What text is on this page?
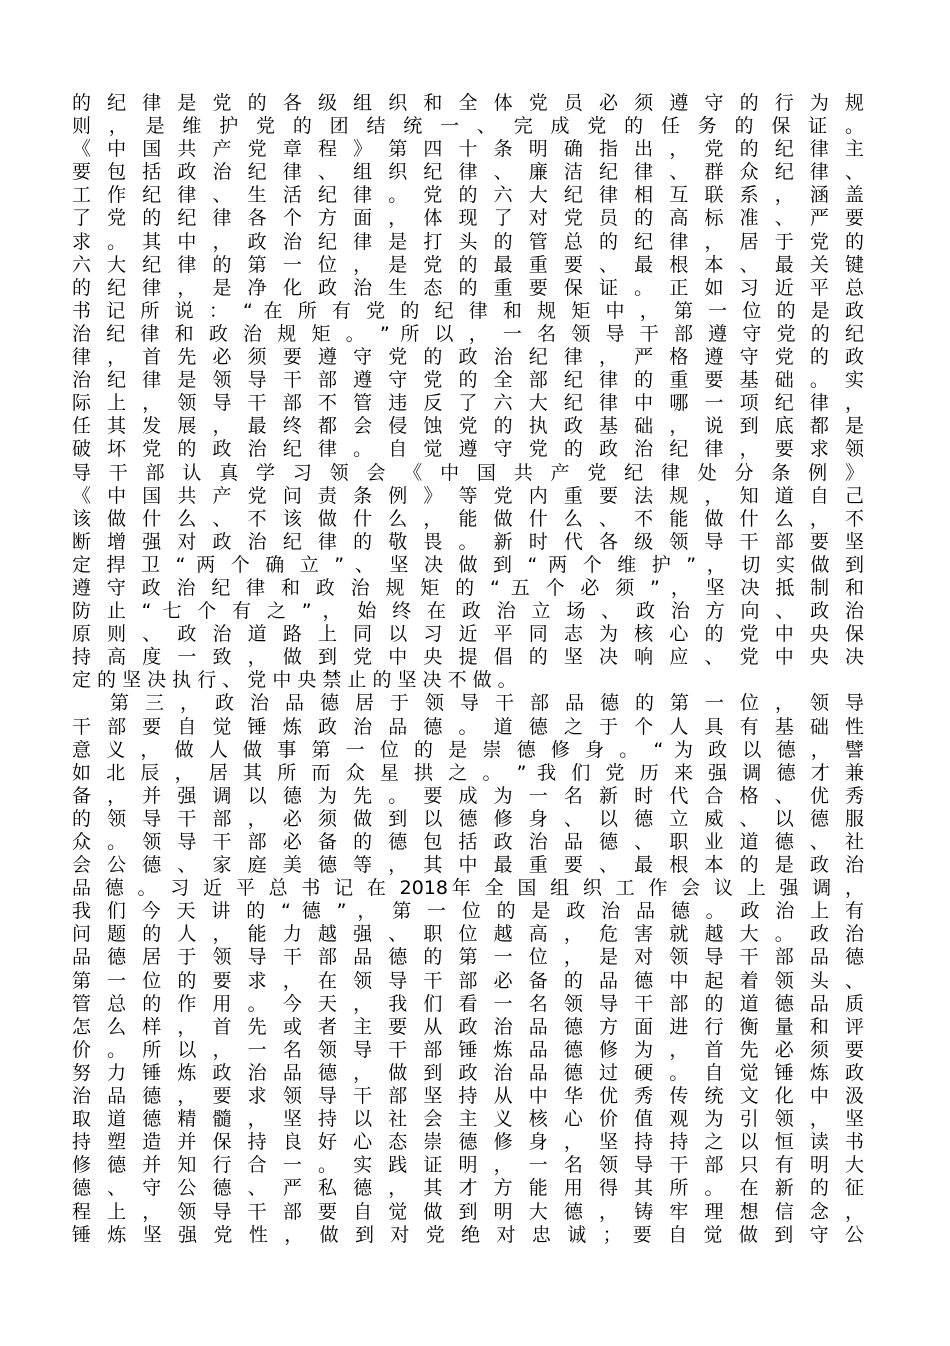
的 纪 律 是 党 的 各 级 组 织 和 全 体 党 员 必 须 遵 守 的 行 为 规
则 ， 是 维 护 党 的 团 结 统 一 、 完 成 党 的 任 务 的 保 证 。
《 中 国 共 产 党 章 程 》 第 四 十 条 明 确 指 出 ， 党 的 纪 律 主
要 包 括 政 治 纪 律 、 组 织 纪 律 、 廉 洁 纪 律 、 群 众 纪 律 、
工 作 纪 律 、 生 活 纪 律 。 党 的 六 大 纪 律 相 互 联 系 ， 涵 盖
了 党 的 纪 律 各 个 方 面 ， 体 现 了 对 党 员 的 高 标 准 、 严 要
求 。 其 中 ， 政 治 纪 律 是 打 头 的 管 总 的 纪 律 ， 居 于 党 的
六 大 纪 律 的 第 一 位 ， 是 党 的 最 重 要 、 最 根 本 、 最 关 键
的 纪 律 ， 是 净 化 政 治 生 态 的 重 要 保 证 。 正 如 习 近 平 总
书 记 所 说 ： “ 在 所 有 党 的 纪 律 和 规 矩 中 ， 第 一 位 的 是 政
治 纪 律 和 政 治 规 矩 。 ” 所 以 ， 一 名 领 导 干 部 遵 守 党 的 纪
律 ， 首 先 必 须 要 遵 守 党 的 政 治 纪 律 ， 严 格 遵 守 党 的 政
治 纪 律 是 领 导 干 部 遵 守 党 的 全 部 纪 律 的 重 要 基 础 。 实
际 上 ， 领 导 干 部 不 管 违 反 了 六 大 纪 律 中 哪 一 项 纪 律 ，
任 其 发 展 ， 最 终 都 会 侵 蚀 党 的 执 政 基 础 ， 说 到 底 都 是
破 坏 党 的 政 治 纪 律 。 自 觉 遵 守 党 的 政 治 纪 律 ， 要 求 领
导 干 部 认 真 学 习 领 会 《 中 国 共 产 党 纪 律 处 分 条 例 》
《 中 国 共 产 党 问 责 条 例 》 等 党 内 重 要 法 规 ， 知 道 自 己
该 做 什 么 、 不 该 做 什 么 ， 能 做 什 么 、 不 能 做 什 么 ， 不
断 增 强 对 政 治 纪 律 的 敬 畏 。 新 时 代 各 级 领 导 干 部 要 坚
定 捍 卫 “ 两 个 确 立 ” 、 坚 决 做 到 “ 两 个 维 护 ” ， 切 实 做 到
遵 守 政 治 纪 律 和 政 治 规 矩 的 “ 五 个 必 须 ” ， 坚 决 抵 制 和
防 止 “ 七 个 有 之 ” ， 始 终 在 政 治 立 场 、 政 治 方 向 、 政 治
原 则 、 政 治 道 路 上 同 以 习 近 平 同 志 为 核 心 的 党 中 央 保
持 高 度 一 致 ， 做 到 党 中 央 提 倡 的 坚 决 响 应 、 党 中 央 决
定 的 坚 决 执 行 、 党 中 央 禁 止 的 坚 决 不 做 。
第 三 ， 政 治 品 德 居 于 领 导 干 部 品 德 的 第 一 位 ， 领 导
干 部 要 自 觉 锤 炼 政 治 品 德 。 道 德 之 于 个 人 具 有 基 础 性
意 义 ， 做 人 做 事 第 一 位 的 是 崇 德 修 身 。 “ 为 政 以 德 ， 譬
如 北 辰 ， 居 其 所 而 众 星 拱 之 。 ” 我 们 党 历 来 强 调 德 才 兼
备 ， 并 强 调 以 德 为 先 。 要 成 为 一 名 新 时 代 合 格 、 优 秀
的 领 导 干 部 ， 必 须 做 到 以 德 修 身 、 以 德 立 威 、 以 德 服
众 。 领 导 干 部 必 备 的 德 包 括 政 治 品 德 、 职 业 道 德 、 社
会 公 德 、 家 庭 美 德 等 ， 其 中 最 重 要 、 最 根 本 的 是 政 治
品 德 。 习 近 平 总 书 记 在 2018年 全 国 组 织 工 作 会 议 上 强 调 ，
我 们 今 天 讲 的 “ 德 ” ， 第 一 位 的 是 政 治 品 德 。 政 治 上 有
问 题 的 人 ， 能 力 越 强 、 职 位 越 高 ， 危 害 就 越 大 。 政 治
品 德 居 于 领 导 干 部 品 德 的 第 一 位 ， 是 对 领 导 干 部 品 德
第 一 位 的 要 求 ， 在 领 导 干 部 必 备 的 品 德 中 起 着 领 头 、
管 总 的 作 用 。 今 天 ， 我 们 看 一 名 领 导 干 部 的 道 德 品 质
怎 么 样 ， 首 先 或 者 主 要 从 政 治 品 德 方 面 进 行 衡 量 和 评
价 。 所 以 ， 一 名 领 导 干 部 锤 炼 品 德 修 为 ， 首 先 必 须 要
努 力 锤 炼 政 治 品 德 ， 做 到 政 治 品 德 过 硬 。 自 觉 锤 炼 政
治 品 德 ， 要 求 领 导 干 部 坚 持 从 中 华 优 秀 传 统 文 化 中 汲
取 道 德 精 髓 ， 坚 持 以 社 会 主 义 核 心 价 值 观 为 引 领 ， 坚
持 塑 造 并 保 持 良 好 心 态 崇 德 修 身 ， 坚 持 持 之 以 恒 读 书
修 德 并 知 行 合 一 。 实 践 证 明 ， 一 名 领 导 干 部 只 有 明 大
德 、 守 公 德 、 严 私 德 ， 其 才 方 能 用 得 其 所 。 在 新 的 征
程 上 ， 领 导 干 部 要 自 觉 做 到 明 大 德 ， 铸 牢 理 想 信 念 ，
锤 炼 坚 强 党 性 ， 做 到 对 党 绝 对 忠 诚 ； 要 自 觉 做 到 守 公
